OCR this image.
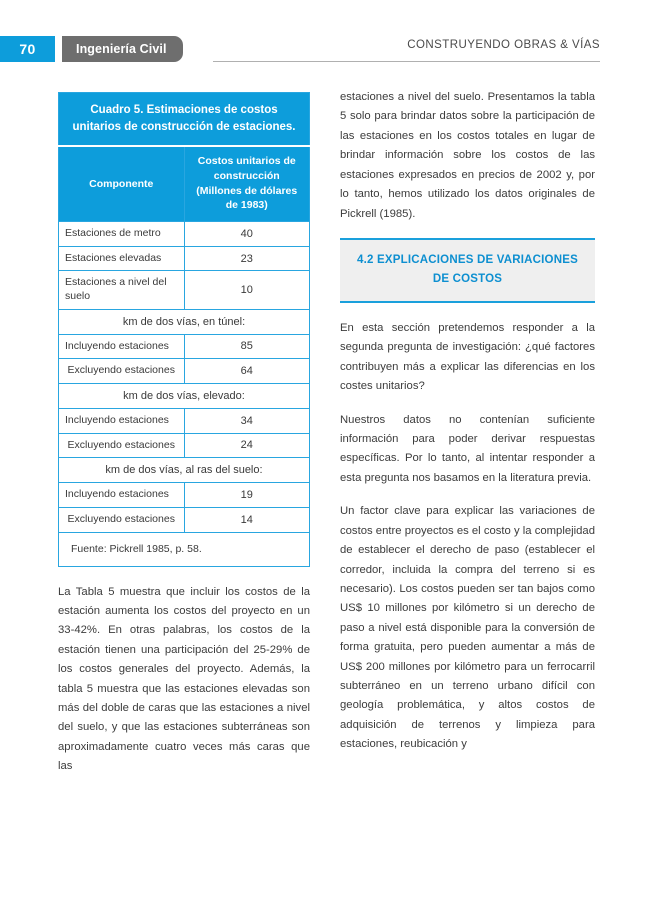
70	Ingeniería Civil	CONSTRUYENDO OBRAS & VÍAS
Cuadro 5. Estimaciones de costos unitarios de construcción de estaciones.	
Componente	Costos unitarios de construcción (Millones de dólares de 1983)
Estaciones de metro	40
Estaciones elevadas	23
Estaciones a nivel del suelo	10
km de dos vías, en túnel:	
Incluyendo estaciones	85
Excluyendo estaciones	64
km de dos vías, elevado:	
Incluyendo estaciones	34
Excluyendo estaciones	24
km de dos vías, al ras del suelo:	
Incluyendo estaciones	19
Excluyendo estaciones	14
Fuente: Pickrell 1985, p. 58.	

La Tabla 5 muestra que incluir los costos de la estación aumenta los costos del proyecto en un 33-42%. En otras palabras, los costos de la estación tienen una participación del 25-29% de los costos generales del proyecto. Además, la tabla 5 muestra que las estaciones elevadas son más del doble de caras que las estaciones a nivel del suelo, y que las estaciones subterráneas son aproximadamente cuatro veces más caras que las

estaciones a nivel del suelo. Presentamos la tabla 5 solo para brindar datos sobre la participación de las estaciones en los costos totales en lugar de brindar información sobre los costos de las estaciones expresados en precios de 2002 y, por lo tanto, hemos utilizado los datos originales de Pickrell (1985).

4.2 EXPLICACIONES DE VARIACIONES DE COSTOS

En esta sección pretendemos responder a la segunda pregunta de investigación: ¿qué factores contribuyen más a explicar las diferencias en los costes unitarios?

Nuestros datos no contenían suficiente información para poder derivar respuestas específicas. Por lo tanto, al intentar responder a esta pregunta nos basamos en la literatura previa.

Un factor clave para explicar las variaciones de costos entre proyectos es el costo y la complejidad de establecer el derecho de paso (establecer el corredor, incluida la compra del terreno si es necesario). Los costos pueden ser tan bajos como US$ 10 millones por kilómetro si un derecho de paso a nivel está disponible para la conversión de forma gratuita, pero pueden aumentar a más de US$ 200 millones por kilómetro para un ferrocarril subterráneo en un terreno urbano difícil con geología problemática, y altos costos de adquisición de terrenos y limpieza para estaciones, reubicación y
